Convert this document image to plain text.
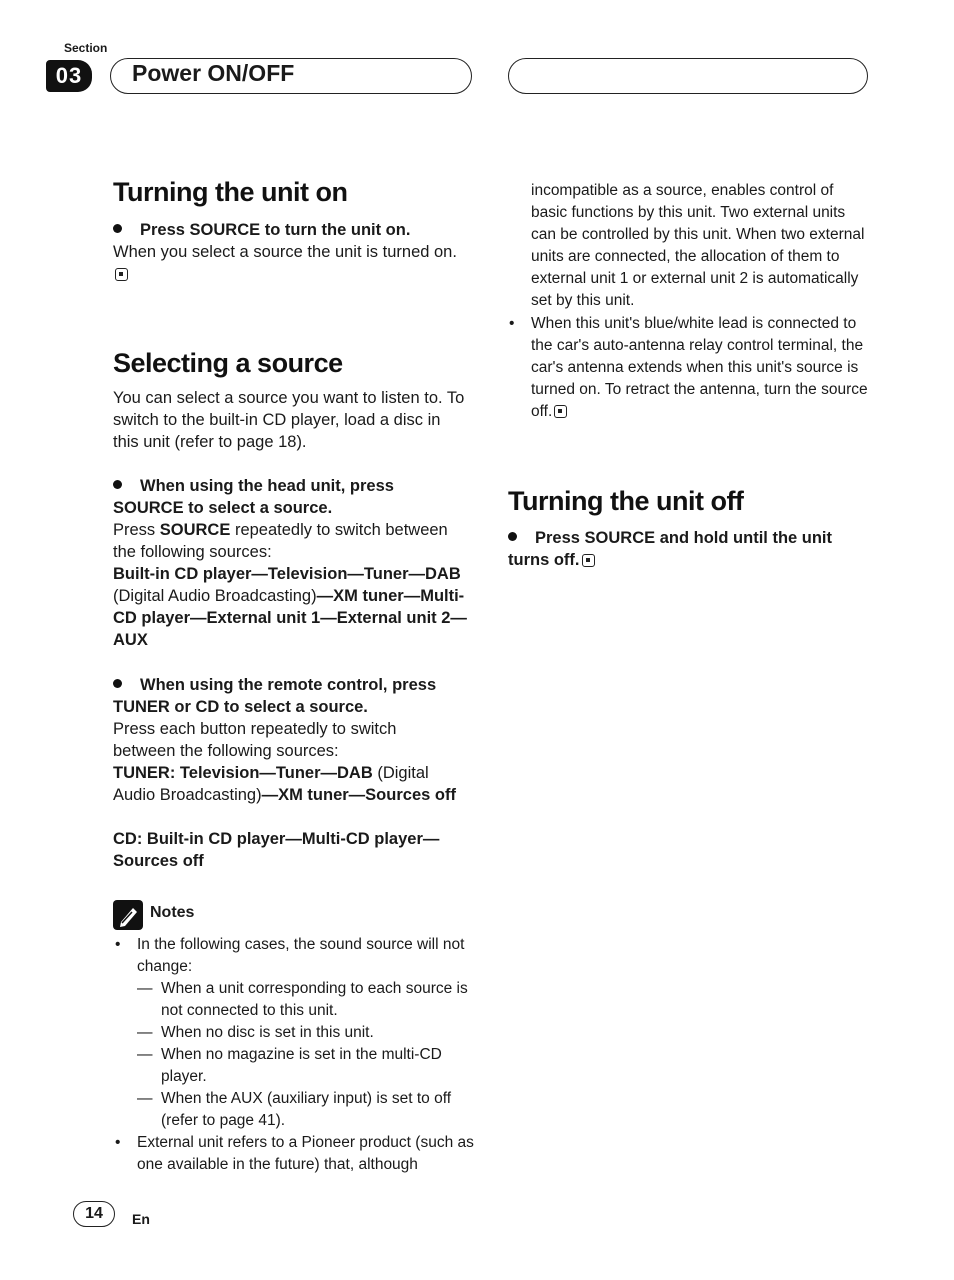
Section
03	Power ON/OFF
Turning the unit on
Press SOURCE to turn the unit on.
When you select a source the unit is turned on.
Selecting a source
You can select a source you want to listen to. To switch to the built-in CD player, load a disc in this unit (refer to page 18).
When using the head unit, press SOURCE to select a source.
Press SOURCE repeatedly to switch between the following sources:
Built-in CD player—Television—Tuner—DAB (Digital Audio Broadcasting)—XM tuner—Multi-CD player—External unit 1—External unit 2—AUX
When using the remote control, press TUNER or CD to select a source.
Press each button repeatedly to switch between the following sources:
TUNER: Television—Tuner—DAB (Digital Audio Broadcasting)—XM tuner—Sources off
CD: Built-in CD player—Multi-CD player—Sources off
Notes
• In the following cases, the sound source will not change:
— When a unit corresponding to each source is not connected to this unit.
— When no disc is set in this unit.
— When no magazine is set in the multi-CD player.
— When the AUX (auxiliary input) is set to off (refer to page 41).
• External unit refers to a Pioneer product (such as one available in the future) that, although
incompatible as a source, enables control of basic functions by this unit. Two external units can be controlled by this unit. When two external units are connected, the allocation of them to external unit 1 or external unit 2 is automatically set by this unit.
• When this unit's blue/white lead is connected to the car's auto-antenna relay control terminal, the car's antenna extends when this unit's source is turned on. To retract the antenna, turn the source off.
Turning the unit off
Press SOURCE and hold until the unit turns off.
14	En
